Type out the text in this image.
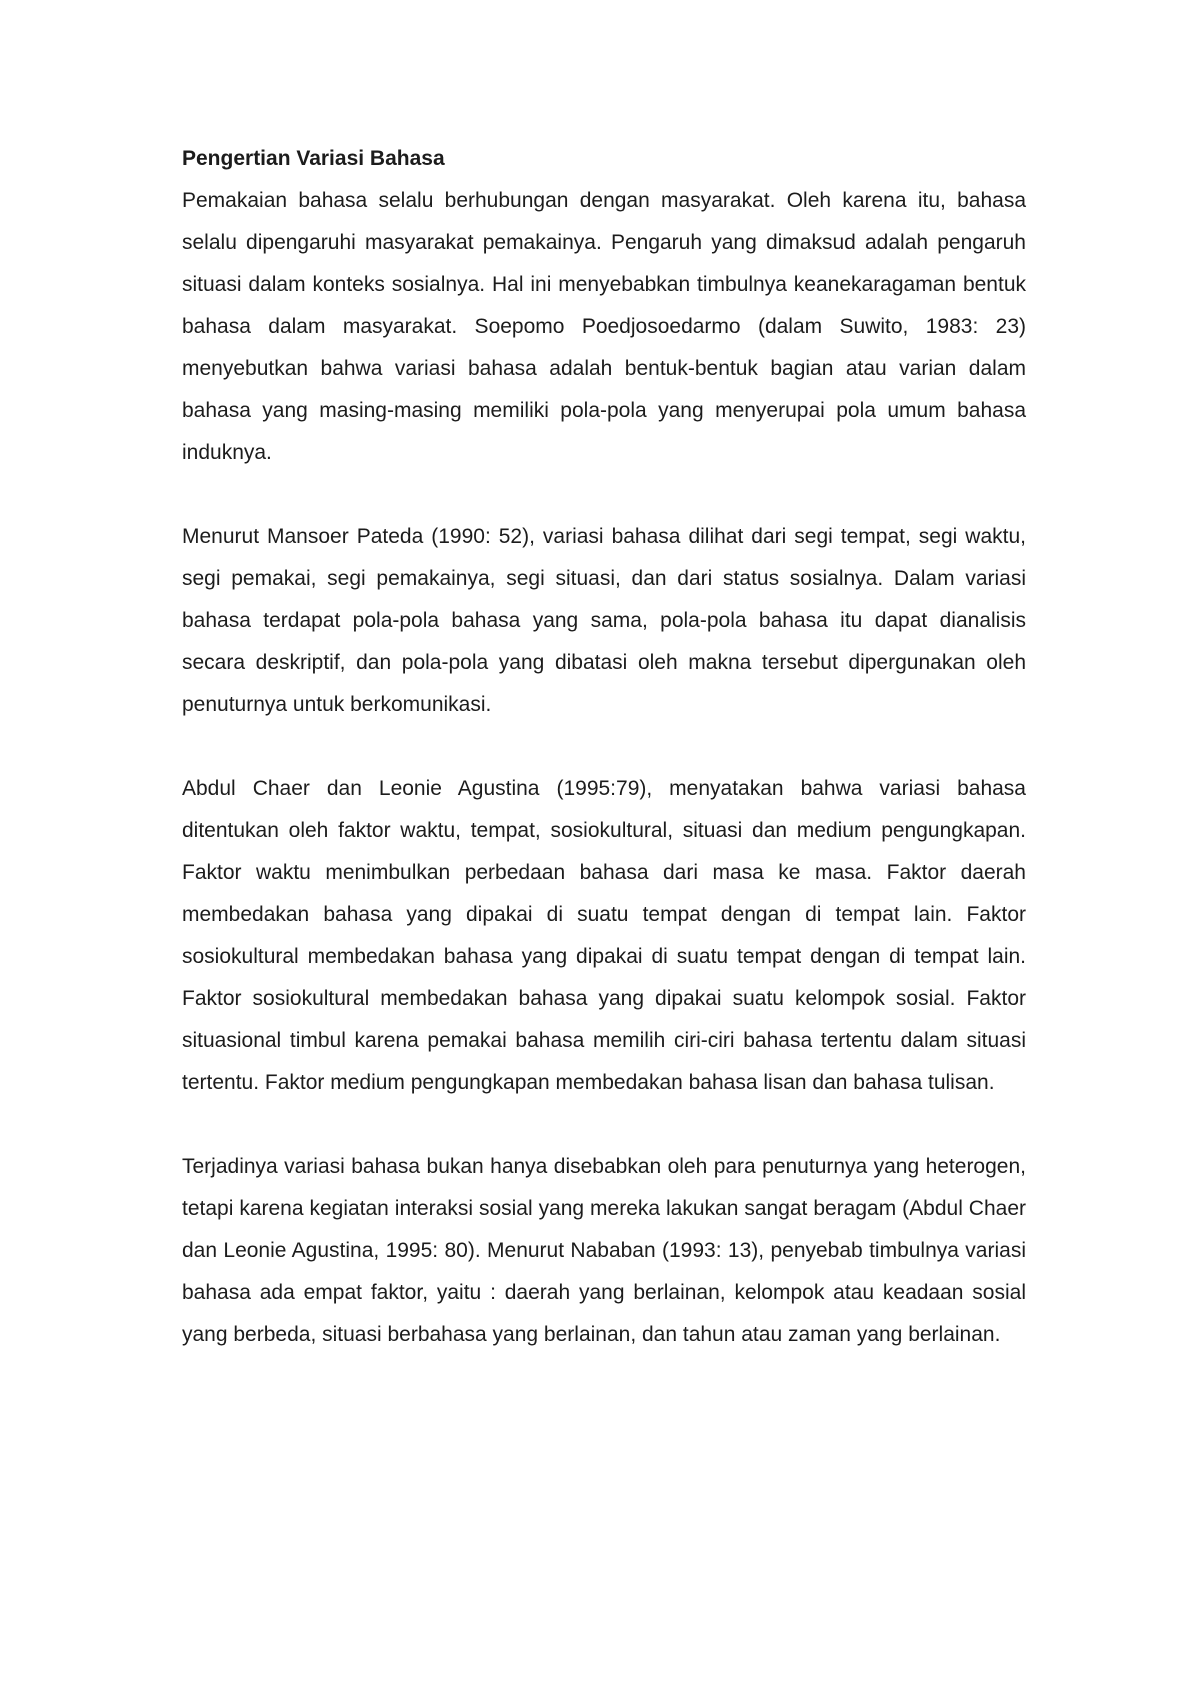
Pengertian Variasi Bahasa

Pemakaian bahasa selalu berhubungan dengan masyarakat. Oleh karena itu, bahasa selalu dipengaruhi masyarakat pemakainya. Pengaruh yang dimaksud adalah pengaruh situasi dalam konteks sosialnya. Hal ini menyebabkan timbulnya keanekaragaman bentuk bahasa dalam masyarakat. Soepomo Poedjosoedarmo (dalam Suwito, 1983: 23) menyebutkan bahwa variasi bahasa adalah bentuk-bentuk bagian atau varian dalam bahasa yang masing-masing memiliki pola-pola yang menyerupai pola umum bahasa induknya.

Menurut Mansoer Pateda (1990: 52), variasi bahasa dilihat dari segi tempat, segi waktu, segi pemakai, segi pemakainya, segi situasi, dan dari status sosialnya. Dalam variasi bahasa terdapat pola-pola bahasa yang sama, pola-pola bahasa itu dapat dianalisis secara deskriptif, dan pola-pola yang dibatasi oleh makna tersebut dipergunakan oleh penuturnya untuk berkomunikasi.

Abdul Chaer dan Leonie Agustina (1995:79), menyatakan bahwa variasi bahasa ditentukan oleh faktor waktu, tempat, sosiokultural, situasi dan medium pengungkapan. Faktor waktu menimbulkan perbedaan bahasa dari masa ke masa. Faktor daerah membedakan bahasa yang dipakai di suatu tempat dengan di tempat lain. Faktor sosiokultural membedakan bahasa yang dipakai di suatu tempat dengan di tempat lain. Faktor sosiokultural membedakan bahasa yang dipakai suatu kelompok sosial. Faktor situasional timbul karena pemakai bahasa memilih ciri-ciri bahasa tertentu dalam situasi tertentu. Faktor medium pengungkapan membedakan bahasa lisan dan bahasa tulisan.

Terjadinya variasi bahasa bukan hanya disebabkan oleh para penuturnya yang heterogen, tetapi karena kegiatan interaksi sosial yang mereka lakukan sangat beragam (Abdul Chaer dan Leonie Agustina, 1995: 80). Menurut Nababan (1993: 13), penyebab timbulnya variasi bahasa ada empat faktor, yaitu : daerah yang berlainan, kelompok atau keadaan sosial yang berbeda, situasi berbahasa yang berlainan, dan tahun atau zaman yang berlainan.
